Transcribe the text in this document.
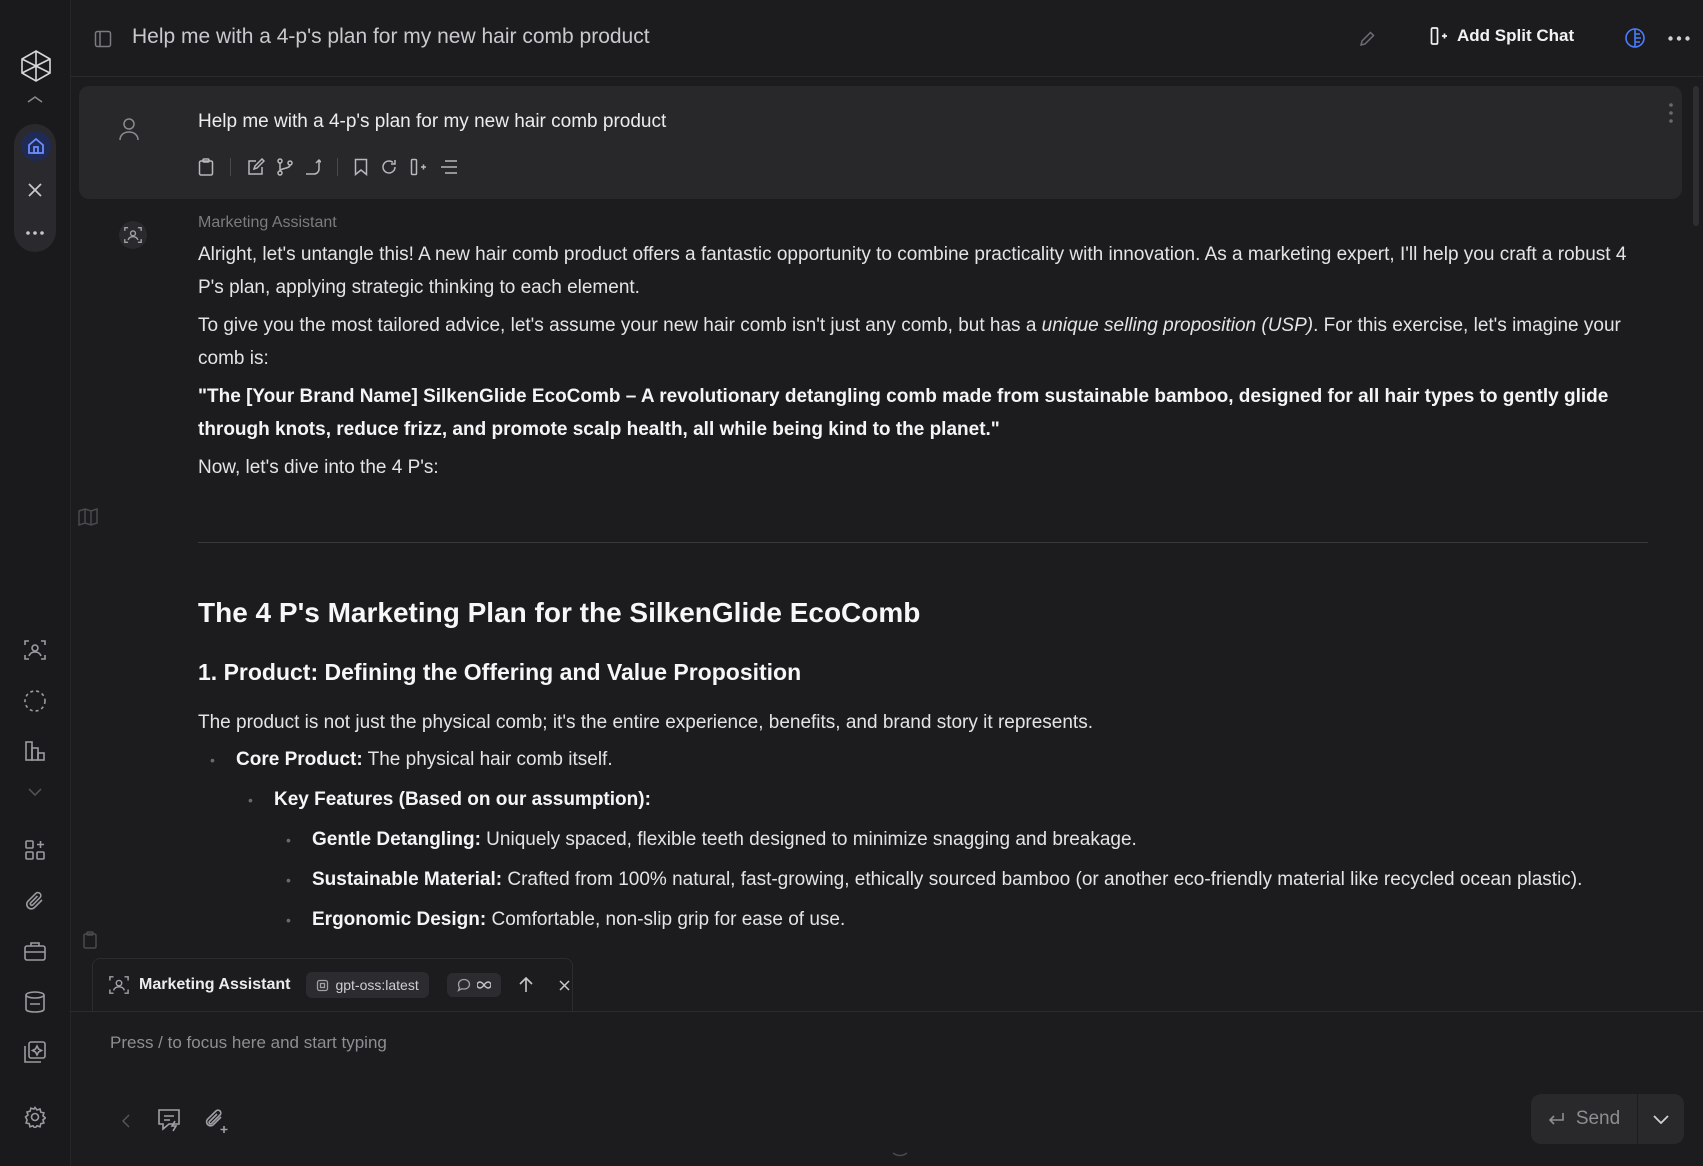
Help me with a 4-p's plan for my new hair comb product	Add Split Chat
Help me with a 4-p's plan for my new hair comb product
Marketing Assistant

Alright, let's untangle this! A new hair comb product offers a fantastic opportunity to combine practicality with innovation. As a marketing expert, I'll help you craft a robust 4 P's plan, applying strategic thinking to each element.

To give you the most tailored advice, let's assume your new hair comb isn't just any comb, but has a unique selling proposition (USP). For this exercise, let's imagine your comb is:

"The [Your Brand Name] SilkenGlide EcoComb – A revolutionary detangling comb made from sustainable bamboo, designed for all hair types to gently glide through knots, reduce frizz, and promote scalp health, all while being kind to the planet."

Now, let's dive into the 4 P's:

The 4 P's Marketing Plan for the SilkenGlide EcoComb
1. Product: Defining the Offering and Value Proposition

The product is not just the physical comb; it's the entire experience, benefits, and brand story it represents.

• Core Product: The physical hair comb itself.
• Key Features (Based on our assumption):
• Gentle Detangling: Uniquely spaced, flexible teeth designed to minimize snagging and breakage.
• Sustainable Material: Crafted from 100% natural, fast-growing, ethically sourced bamboo (or another eco-friendly material like recycled ocean plastic).
• Ergonomic Design: Comfortable, non-slip grip for ease of use.
Marketing Assistant	gpt-oss:latest
Press / to focus here and start typing
Send
